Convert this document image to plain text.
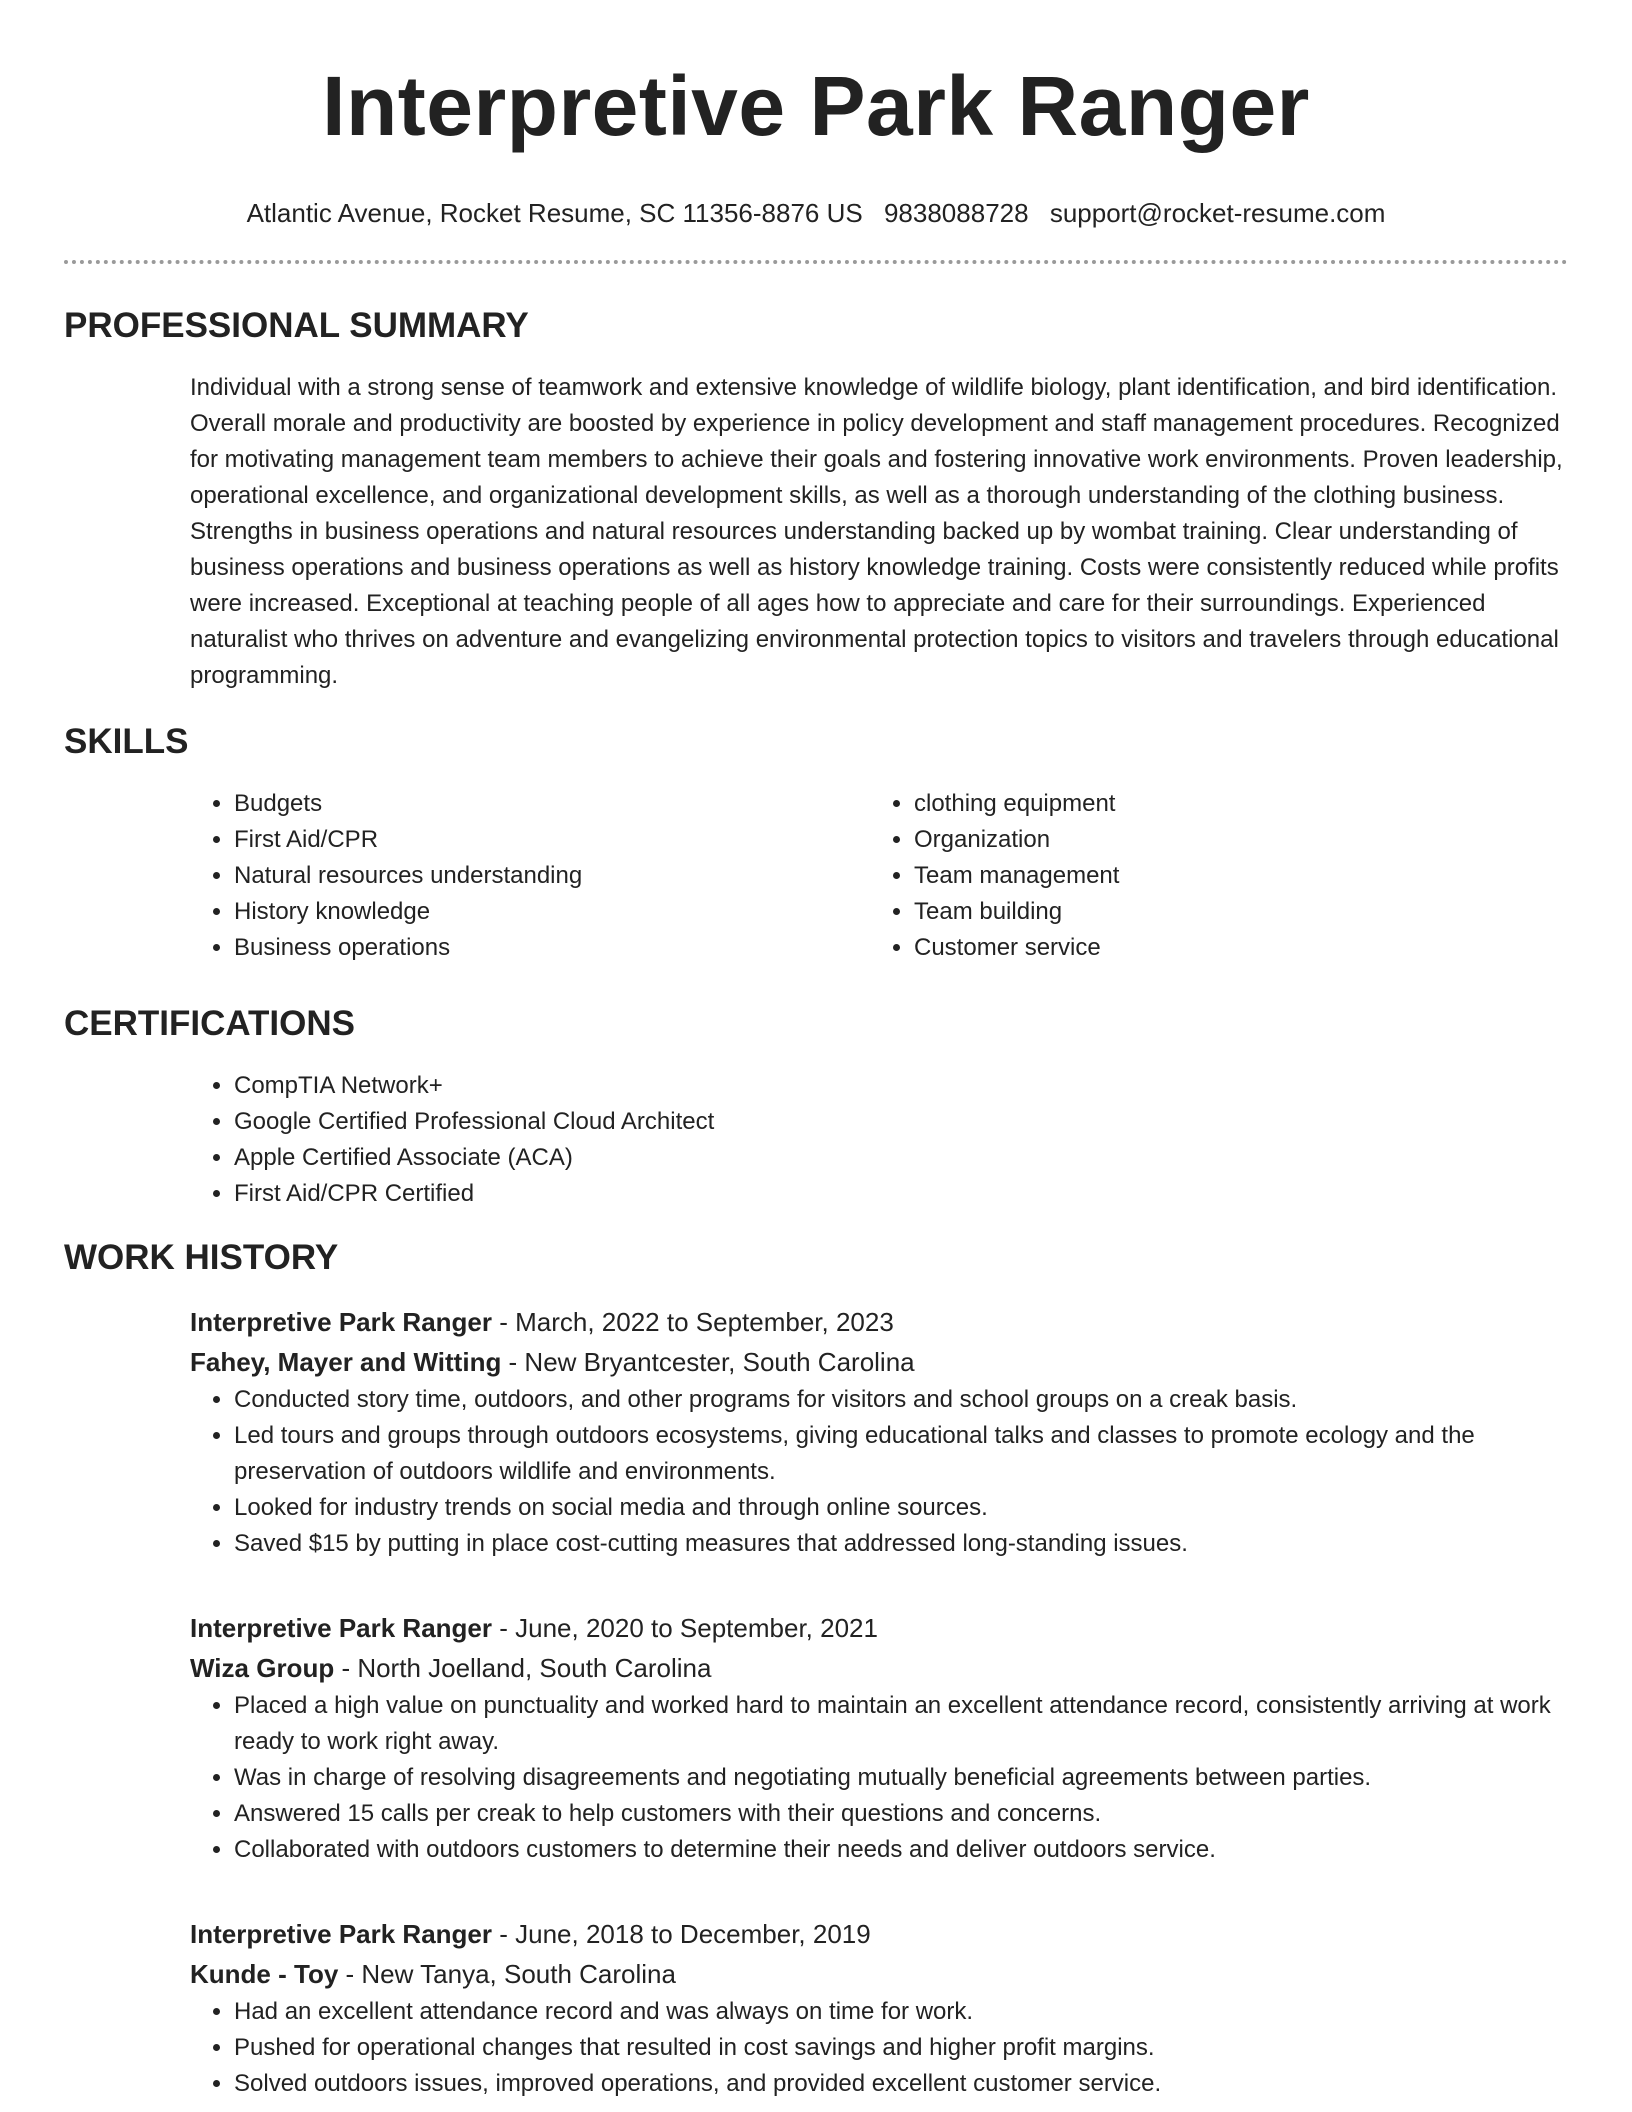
Interpretive Park Ranger
Atlantic Avenue, Rocket Resume, SC 11356-8876 US 9838088728 support@rocket-resume.com
PROFESSIONAL SUMMARY

Individual with a strong sense of teamwork and extensive knowledge of wildlife biology, plant identification, and bird identification. Overall morale and productivity are boosted by experience in policy development and staff management procedures. Recognized for motivating management team members to achieve their goals and fostering innovative work environments. Proven leadership, operational excellence, and organizational development skills, as well as a thorough understanding of the clothing business. Strengths in business operations and natural resources understanding backed up by wombat training. Clear understanding of business operations and business operations as well as history knowledge training. Costs were consistently reduced while profits were increased. Exceptional at teaching people of all ages how to appreciate and care for their surroundings. Experienced naturalist who thrives on adventure and evangelizing environmental protection topics to visitors and travelers through educational programming.

SKILLS
• Budgets
• First Aid/CPR
• Natural resources understanding
• History knowledge
• Business operations
• clothing equipment
• Organization
• Team management
• Team building
• Customer service
CERTIFICATIONS
• CompTIA Network+
• Google Certified Professional Cloud Architect
• Apple Certified Associate (ACA)
• First Aid/CPR Certified
WORK HISTORY
Interpretive Park Ranger - March, 2022 to September, 2023
Fahey, Mayer and Witting - New Bryantcester, South Carolina
• Conducted story time, outdoors, and other programs for visitors and school groups on a creak basis.
• Led tours and groups through outdoors ecosystems, giving educational talks and classes to promote ecology and the preservation of outdoors wildlife and environments.
• Looked for industry trends on social media and through online sources.
• Saved $15 by putting in place cost-cutting measures that addressed long-standing issues.
Interpretive Park Ranger - June, 2020 to September, 2021
Wiza Group - North Joelland, South Carolina
• Placed a high value on punctuality and worked hard to maintain an excellent attendance record, consistently arriving at work ready to work right away.
• Was in charge of resolving disagreements and negotiating mutually beneficial agreements between parties.
• Answered 15 calls per creak to help customers with their questions and concerns.
• Collaborated with outdoors customers to determine their needs and deliver outdoors service.
Interpretive Park Ranger - June, 2018 to December, 2019
Kunde - Toy - New Tanya, South Carolina
• Had an excellent attendance record and was always on time for work.
• Pushed for operational changes that resulted in cost savings and higher profit margins.
• Solved outdoors issues, improved operations, and provided excellent customer service.
